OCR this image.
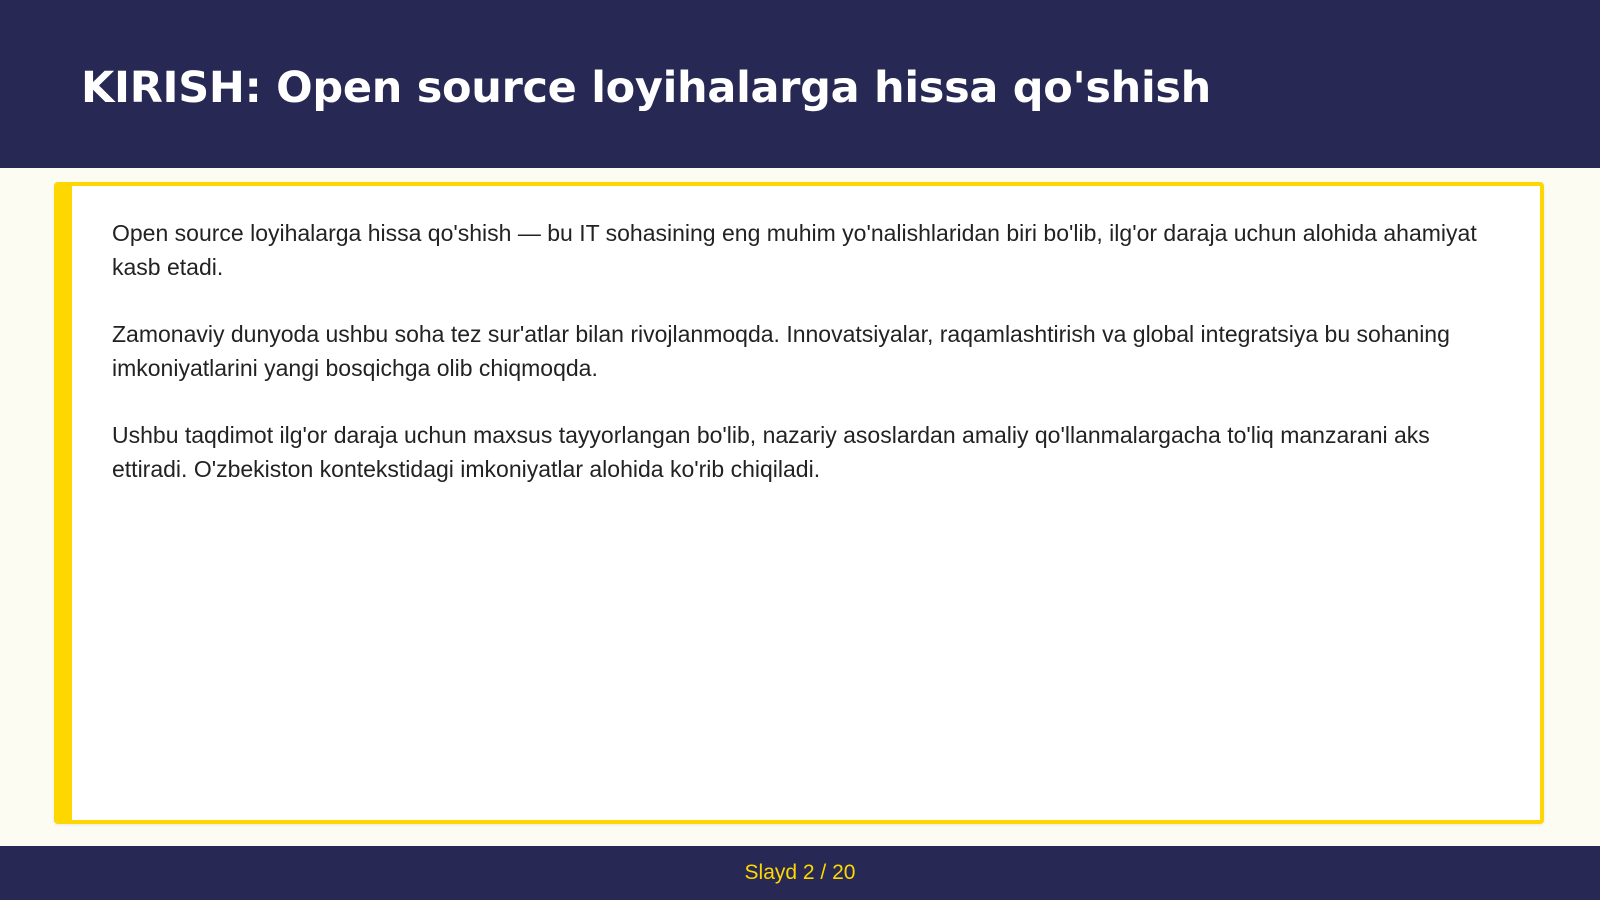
KIRISH: Open source loyihalarga hissa qo'shish

Open source loyihalarga hissa qo'shish — bu IT sohasining eng muhim yo'nalishlaridan biri bo'lib, ilg'or daraja uchun alohida ahamiyat kasb etadi.

Zamonaviy dunyoda ushbu soha tez sur'atlar bilan rivojlanmoqda. Innovatsiyalar, raqamlashtirish va global integratsiya bu sohaning imkoniyatlarini yangi bosqichga olib chiqmoqda.

Ushbu taqdimot ilg'or daraja uchun maxsus tayyorlangan bo'lib, nazariy asoslardan amaliy qo'llanmalargacha to'liq manzarani aks ettiradi. O'zbekiston kontekstidagi imkoniyatlar alohida ko'rib chiqiladi.

Slayd 2 / 20
